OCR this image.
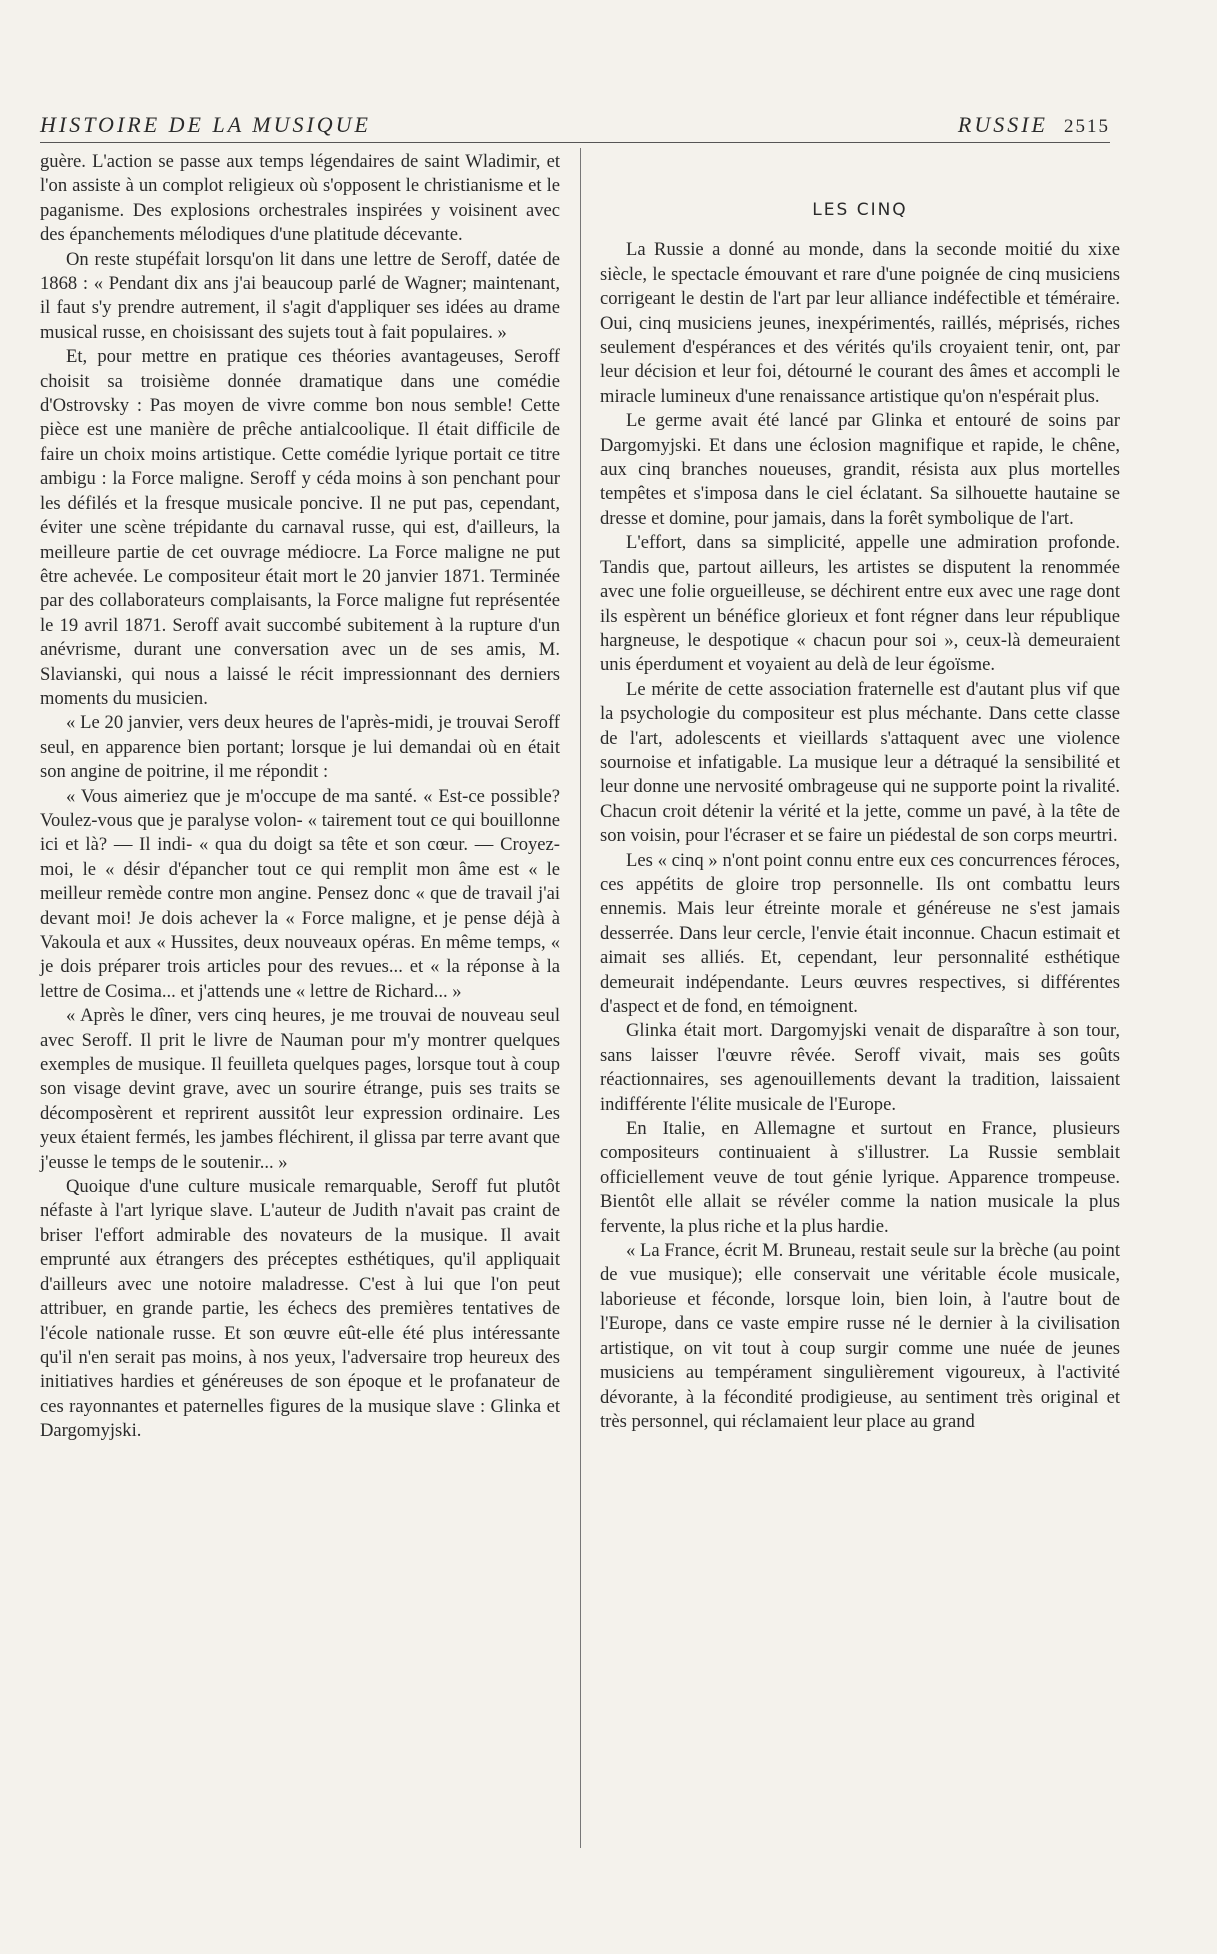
HISTOIRE DE LA MUSIQUE	RUSSIE 2515

guère. L'action se passe aux temps légendaires de saint Wladimir, et l'on assiste à un complot religieux où s'opposent le christianisme et le paganisme. Des explosions orchestrales inspirées y voisinent avec des épanchements mélodiques d'une platitude décevante.

On reste stupéfait lorsqu'on lit dans une lettre de Seroff, datée de 1868 : « Pendant dix ans j'ai beaucoup parlé de Wagner; maintenant, il faut s'y prendre autrement, il s'agit d'appliquer ses idées au drame musical russe, en choisissant des sujets tout à fait populaires. »

Et, pour mettre en pratique ces théories avantageuses, Seroff choisit sa troisième donnée dramatique dans une comédie d'Ostrovsky : Pas moyen de vivre comme bon nous semble! Cette pièce est une manière de prêche antialcoolique. Il était difficile de faire un choix moins artistique. Cette comédie lyrique portait ce titre ambigu : la Force maligne. Seroff y céda moins à son penchant pour les défilés et la fresque musicale poncive. Il ne put pas, cependant, éviter une scène trépidante du carnaval russe, qui est, d'ailleurs, la meilleure partie de cet ouvrage médiocre. La Force maligne ne put être achevée. Le compositeur était mort le 20 janvier 1871. Terminée par des collaborateurs complaisants, la Force maligne fut représentée le 19 avril 1871. Seroff avait succombé subitement à la rupture d'un anévrisme, durant une conversation avec un de ses amis, M. Slavianski, qui nous a laissé le récit impressionnant des derniers moments du musicien.

« Le 20 janvier, vers deux heures de l'après-midi, je trouvai Seroff seul, en apparence bien portant; lorsque je lui demandai où en était son angine de poitrine, il me répondit :

« Vous aimeriez que je m'occupe de ma santé. « Est-ce possible? Voulez-vous que je paralyse volon- « tairement tout ce qui bouillonne ici et là? — Il indi- « qua du doigt sa tête et son cœur. — Croyez-moi, le « désir d'épancher tout ce qui remplit mon âme est « le meilleur remède contre mon angine. Pensez donc « que de travail j'ai devant moi! Je dois achever la « Force maligne, et je pense déjà à Vakoula et aux « Hussites, deux nouveaux opéras. En même temps, « je dois préparer trois articles pour des revues... et « la réponse à la lettre de Cosima... et j'attends une « lettre de Richard... »

« Après le dîner, vers cinq heures, je me trouvai de nouveau seul avec Seroff. Il prit le livre de Nauman pour m'y montrer quelques exemples de musique. Il feuilleta quelques pages, lorsque tout à coup son visage devint grave, avec un sourire étrange, puis ses traits se décomposèrent et reprirent aussitôt leur expression ordinaire. Les yeux étaient fermés, les jambes fléchirent, il glissa par terre avant que j'eusse le temps de le soutenir... »

Quoique d'une culture musicale remarquable, Seroff fut plutôt néfaste à l'art lyrique slave. L'auteur de Judith n'avait pas craint de briser l'effort admirable des novateurs de la musique. Il avait emprunté aux étrangers des préceptes esthétiques, qu'il appliquait d'ailleurs avec une notoire maladresse. C'est à lui que l'on peut attribuer, en grande partie, les échecs des premières tentatives de l'école nationale russe. Et son œuvre eût-elle été plus intéressante qu'il n'en serait pas moins, à nos yeux, l'adversaire trop heureux des initiatives hardies et généreuses de son époque et le profanateur de ces rayonnantes et paternelles figures de la musique slave : Glinka et Dargomyjski.

LES CINQ

La Russie a donné au monde, dans la seconde moitié du xixe siècle, le spectacle émouvant et rare d'une poignée de cinq musiciens corrigeant le destin de l'art par leur alliance indéfectible et téméraire. Oui, cinq musiciens jeunes, inexpérimentés, raillés, méprisés, riches seulement d'espérances et des vérités qu'ils croyaient tenir, ont, par leur décision et leur foi, détourné le courant des âmes et accompli le miracle lumineux d'une renaissance artistique qu'on n'espérait plus.

Le germe avait été lancé par Glinka et entouré de soins par Dargomyjski. Et dans une éclosion magnifique et rapide, le chêne, aux cinq branches noueuses, grandit, résista aux plus mortelles tempêtes et s'imposa dans le ciel éclatant. Sa silhouette hautaine se dresse et domine, pour jamais, dans la forêt symbolique de l'art.

L'effort, dans sa simplicité, appelle une admiration profonde. Tandis que, partout ailleurs, les artistes se disputent la renommée avec une folie orgueilleuse, se déchirent entre eux avec une rage dont ils espèrent un bénéfice glorieux et font régner dans leur république hargneuse, le despotique « chacun pour soi », ceux-là demeuraient unis éperdument et voyaient au delà de leur égoïsme.

Le mérite de cette association fraternelle est d'autant plus vif que la psychologie du compositeur est plus méchante. Dans cette classe de l'art, adolescents et vieillards s'attaquent avec une violence sournoise et infatigable. La musique leur a détraqué la sensibilité et leur donne une nervosité ombrageuse qui ne supporte point la rivalité. Chacun croit détenir la vérité et la jette, comme un pavé, à la tête de son voisin, pour l'écraser et se faire un piédestal de son corps meurtri.

Les « cinq » n'ont point connu entre eux ces concurrences féroces, ces appétits de gloire trop personnelle. Ils ont combattu leurs ennemis. Mais leur étreinte morale et généreuse ne s'est jamais desserrée. Dans leur cercle, l'envie était inconnue. Chacun estimait et aimait ses alliés. Et, cependant, leur personnalité esthétique demeurait indépendante. Leurs œuvres respectives, si différentes d'aspect et de fond, en témoignent.

Glinka était mort. Dargomyjski venait de disparaître à son tour, sans laisser l'œuvre rêvée. Seroff vivait, mais ses goûts réactionnaires, ses agenouillements devant la tradition, laissaient indifférente l'élite musicale de l'Europe.

En Italie, en Allemagne et surtout en France, plusieurs compositeurs continuaient à s'illustrer. La Russie semblait officiellement veuve de tout génie lyrique. Apparence trompeuse. Bientôt elle allait se révéler comme la nation musicale la plus fervente, la plus riche et la plus hardie.

« La France, écrit M. Bruneau, restait seule sur la brèche (au point de vue musique); elle conservait une véritable école musicale, laborieuse et féconde, lorsque loin, bien loin, à l'autre bout de l'Europe, dans ce vaste empire russe né le dernier à la civilisation artistique, on vit tout à coup surgir comme une nuée de jeunes musiciens au tempérament singulièrement vigoureux, à l'activité dévorante, à la fécondité prodigieuse, au sentiment très original et très personnel, qui réclamaient leur place au grand
